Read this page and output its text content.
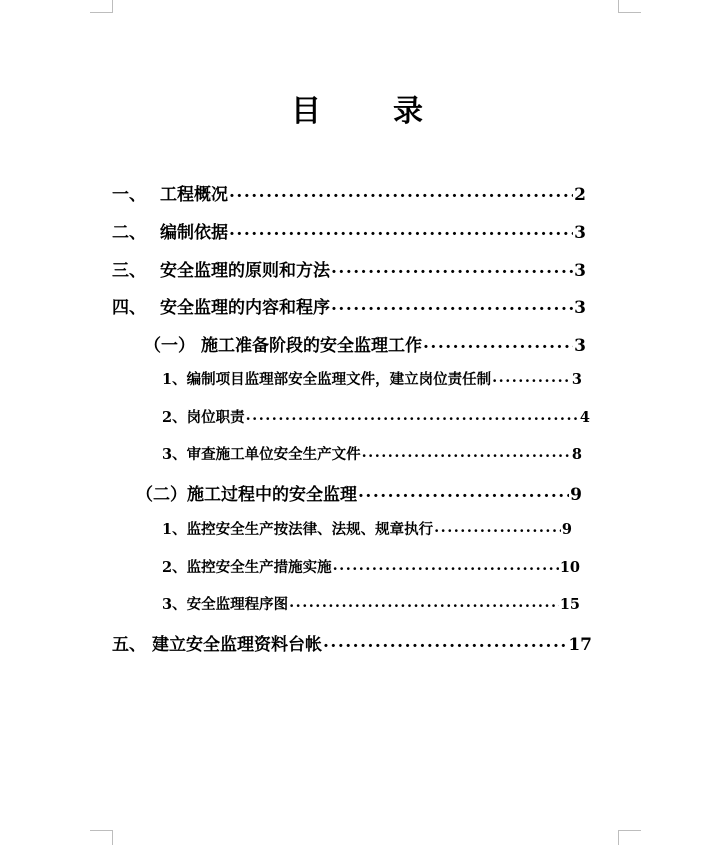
目 录
一、 工程概况 .....	2
二、 编制依据 .....	3
三、 安全监理的原则和方法 .....	3
四、 安全监理的内容和程序 .....	3
（一） 施工准备阶段的安全监理工作 .....	3
1、 编制项目监理部安全监理文件，建立岗位责任制 .....	3
2、 岗位职责 .....	4
3、 审查施工单位安全生产文件 .....	8
（二） 施工过程中的安全监理 .....	9
1、 监控安全生产按法律、法规、规章执行 .....	9
2、 监控安全生产措施实施 .....	10
3、 安全监理程序图 .....	15
五、 建立安全监理资料台帐 .....	17
